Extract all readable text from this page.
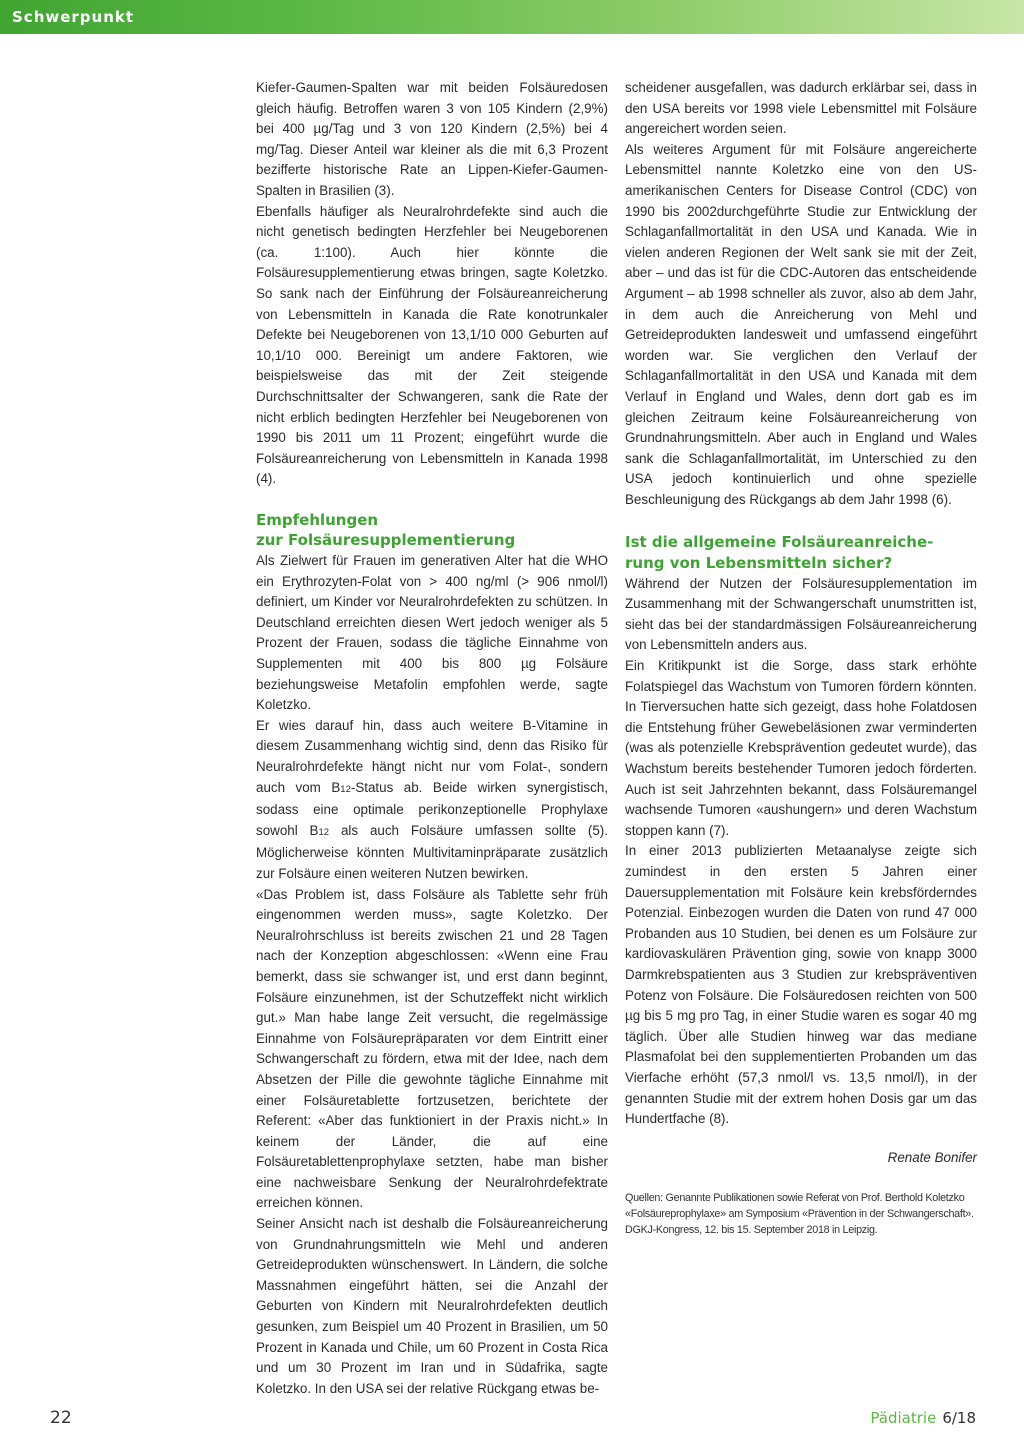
Schwerpunkt

Kiefer-Gaumen-Spalten war mit beiden Folsäuredosen gleich häufig. Betroffen waren 3 von 105 Kindern (2,9%) bei 400 µg/Tag und 3 von 120 Kindern (2,5%) bei 4 mg/Tag. Dieser Anteil war kleiner als die mit 6,3 Prozent bezifferte historische Rate an Lippen-Kiefer-Gaumen-Spalten in Brasilien (3).

Ebenfalls häufiger als Neuralrohrdefekte sind auch die nicht genetisch bedingten Herzfehler bei Neugeborenen (ca. 1:100). Auch hier könnte die Folsäuresupplementierung etwas bringen, sagte Koletzko. So sank nach der Einführung der Folsäureanreicherung von Lebensmitteln in Kanada die Rate konotrunkaler Defekte bei Neugeborenen von 13,1/10 000 Geburten auf 10,1/10 000. Bereinigt um andere Faktoren, wie beispielsweise das mit der Zeit steigende Durchschnittsalter der Schwangeren, sank die Rate der nicht erblich bedingten Herzfehler bei Neugeborenen von 1990 bis 2011 um 11 Prozent; eingeführt wurde die Folsäureanreicherung von Lebensmitteln in Kanada 1998 (4).

Empfehlungen
zur Folsäuresupplementierung

Als Zielwert für Frauen im generativen Alter hat die WHO ein Erythrozyten-Folat von > 400 ng/ml (> 906 nmol/l) definiert, um Kinder vor Neuralrohrdefekten zu schützen. In Deutschland erreichten diesen Wert jedoch weniger als 5 Prozent der Frauen, sodass die tägliche Einnahme von Supplementen mit 400 bis 800 µg Folsäure beziehungsweise Metafolin empfohlen werde, sagte Koletzko.

Er wies darauf hin, dass auch weitere B-Vitamine in diesem Zusammenhang wichtig sind, denn das Risiko für Neuralrohrdefekte hängt nicht nur vom Folat-, sondern auch vom B12-Status ab. Beide wirken synergistisch, sodass eine optimale perikonzeptionelle Prophylaxe sowohl B12 als auch Folsäure umfassen sollte (5). Möglicherweise könnten Multivitaminpräparate zusätzlich zur Folsäure einen weiteren Nutzen bewirken.

«Das Problem ist, dass Folsäure als Tablette sehr früh eingenommen werden muss», sagte Koletzko. Der Neuralrohrschluss ist bereits zwischen 21 und 28 Tagen nach der Konzeption abgeschlossen: «Wenn eine Frau bemerkt, dass sie schwanger ist, und erst dann beginnt, Folsäure einzunehmen, ist der Schutzeffekt nicht wirklich gut.» Man habe lange Zeit versucht, die regelmässige Einnahme von Folsäurepräparaten vor dem Eintritt einer Schwangerschaft zu fördern, etwa mit der Idee, nach dem Absetzen der Pille die gewohnte tägliche Einnahme mit einer Folsäuretablette fortzusetzen, berichtete der Referent: «Aber das funktioniert in der Praxis nicht.» In keinem der Länder, die auf eine Folsäuretablettenprophylaxe setzten, habe man bisher eine nachweisbare Senkung der Neuralrohrdefektrate erreichen können.

Seiner Ansicht nach ist deshalb die Folsäureanreicherung von Grundnahrungsmitteln wie Mehl und anderen Getreideprodukten wünschenswert. In Ländern, die solche Massnahmen eingeführt hätten, sei die Anzahl der Geburten von Kindern mit Neuralrohrdefekten deutlich gesunken, zum Beispiel um 40 Prozent in Brasilien, um 50 Prozent in Kanada und Chile, um 60 Prozent in Costa Rica und um 30 Prozent im Iran und in Südafrika, sagte Koletzko. In den USA sei der relative Rückgang etwas be-

scheidener ausgefallen, was dadurch erklärbar sei, dass in den USA bereits vor 1998 viele Lebensmittel mit Folsäure angereichert worden seien.

Als weiteres Argument für mit Folsäure angereicherte Lebensmittel nannte Koletzko eine von den US-amerikanischen Centers for Disease Control (CDC) von 1990 bis 2002durchgeführte Studie zur Entwicklung der Schlaganfallmortalität in den USA und Kanada. Wie in vielen anderen Regionen der Welt sank sie mit der Zeit, aber – und das ist für die CDC-Autoren das entscheidende Argument – ab 1998 schneller als zuvor, also ab dem Jahr, in dem auch die Anreicherung von Mehl und Getreideprodukten landesweit und umfassend eingeführt worden war. Sie verglichen den Verlauf der Schlaganfallmortalität in den USA und Kanada mit dem Verlauf in England und Wales, denn dort gab es im gleichen Zeitraum keine Folsäureanreicherung von Grundnahrungsmitteln. Aber auch in England und Wales sank die Schlaganfallmortalität, im Unterschied zu den USA jedoch kontinuierlich und ohne spezielle Beschleunigung des Rückgangs ab dem Jahr 1998 (6).

Ist die allgemeine Folsäureanreiche-
rung von Lebensmitteln sicher?

Während der Nutzen der Folsäuresupplementation im Zusammenhang mit der Schwangerschaft unumstritten ist, sieht das bei der standardmässigen Folsäureanreicherung von Lebensmitteln anders aus.

Ein Kritikpunkt ist die Sorge, dass stark erhöhte Folatspiegel das Wachstum von Tumoren fördern könnten. In Tierversuchen hatte sich gezeigt, dass hohe Folatdosen die Entstehung früher Gewebeläsionen zwar verminderten (was als potenzielle Krebsprävention gedeutet wurde), das Wachstum bereits bestehender Tumoren jedoch förderten. Auch ist seit Jahrzehnten bekannt, dass Folsäuremangel wachsende Tumoren «aushungern» und deren Wachstum stoppen kann (7).

In einer 2013 publizierten Metaanalyse zeigte sich zumindest in den ersten 5 Jahren einer Dauersupplementation mit Folsäure kein krebsförderndes Potenzial. Einbezogen wurden die Daten von rund 47 000 Probanden aus 10 Studien, bei denen es um Folsäure zur kardiovaskulären Prävention ging, sowie von knapp 3000 Darmkrebspatienten aus 3 Studien zur krebspräventiven Potenz von Folsäure. Die Folsäuredosen reichten von 500 µg bis 5 mg pro Tag, in einer Studie waren es sogar 40 mg täglich. Über alle Studien hinweg war das mediane Plasmafolat bei den supplementierten Probanden um das Vierfache erhöht (57,3 nmol/l vs. 13,5 nmol/l), in der genannten Studie mit der extrem hohen Dosis gar um das Hundertfache (8).

Renate Bonifer

Quellen: Genannte Publikationen sowie Referat von Prof. Berthold Koletzko «Folsäureprophylaxe» am Symposium «Prävention in der Schwangerschaft». DGKJ-Kongress, 12. bis 15. September 2018 in Leipzig.

22	Pädiatrie 6/18
